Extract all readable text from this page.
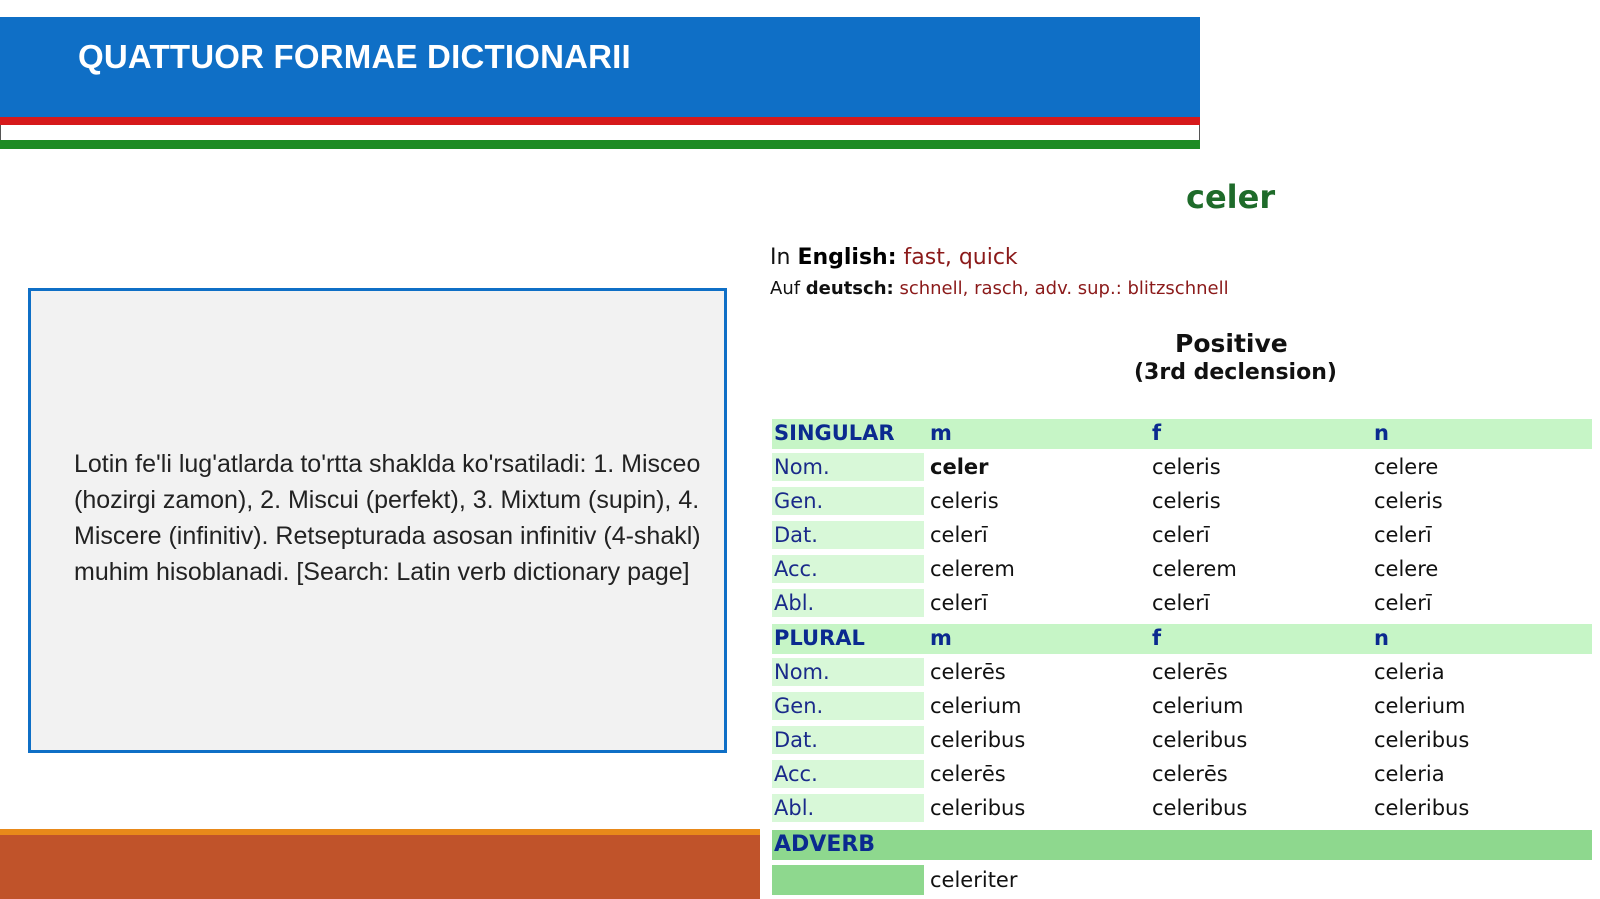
QUATTUOR FORMAE DICTIONARII

Lotin fe'li lug'atlarda to'rtta shaklda ko'rsatiladi: 1. Misceo (hozirgi zamon), 2. Miscui (perfekt), 3. Mixtum (supin), 4. Miscere (infinitiv). Retsepturada asosan infinitiv (4-shakl) muhim hisoblanadi. [Search: Latin verb dictionary page]

celer
In English: fast, quick
Auf deutsch: schnell, rasch, adv. sup.: blitzschnell
Positive
(3rd declension)
SINGULAR	m	f	n
Nom.	celer	celeris	celere
Gen.	celeris	celeris	celeris
Dat.	celerī	celerī	celerī
Acc.	celerem	celerem	celere
Abl.	celerī	celerī	celerī
PLURAL	m	f	n
Nom.	celerēs	celerēs	celeria
Gen.	celerium	celerium	celerium
Dat.	celeribus	celeribus	celeribus
Acc.	celerēs	celerēs	celeria
Abl.	celeribus	celeribus	celeribus
ADVERB
celeriter
